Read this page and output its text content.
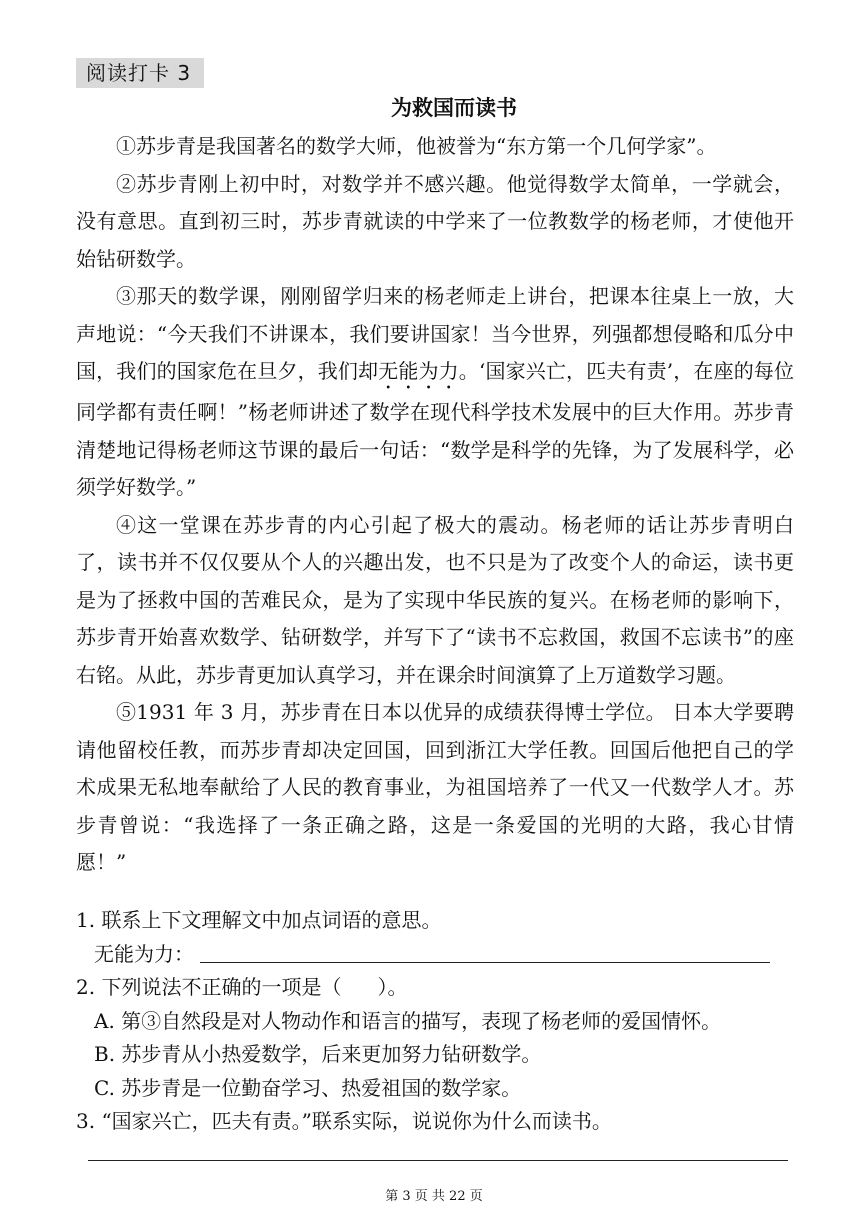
阅读打卡 3
为救国而读书

①苏步青是我国著名的数学大师，他被誉为“东方第一个几何学家”。

②苏步青刚上初中时，对数学并不感兴趣。他觉得数学太简单，一学就会，没有意思。直到初三时，苏步青就读的中学来了一位教数学的杨老师，才使他开始钻研数学。

③那天的数学课，刚刚留学归来的杨老师走上讲台，把课本往桌上一放，大声地说：“今天我们不讲课本，我们要讲国家！当今世界，列强都想侵略和瓜分中国，我们的国家危在旦夕，我们却无能为力。‘国家兴亡，匹夫有责’，在座的每位同学都有责任啊！”杨老师讲述了数学在现代科学技术发展中的巨大作用。苏步青清楚地记得杨老师这节课的最后一句话：“数学是科学的先锋，为了发展科学，必须学好数学。”

④这一堂课在苏步青的内心引起了极大的震动。杨老师的话让苏步青明白了，读书并不仅仅要从个人的兴趣出发，也不只是为了改变个人的命运，读书更是为了拯救中国的苦难民众，是为了实现中华民族的复兴。在杨老师的影响下，苏步青开始喜欢数学、钻研数学，并写下了“读书不忘救国，救国不忘读书”的座右铭。从此，苏步青更加认真学习，并在课余时间演算了上万道数学习题。

⑤1931 年 3 月，苏步青在日本以优异的成绩获得博士学位。 日本大学要聘请他留校任教，而苏步青却决定回国，回到浙江大学任教。回国后他把自己的学术成果无私地奉献给了人民的教育事业，为祖国培养了一代又一代数学人才。苏步青曾说：“我选择了一条正确之路，这是一条爱国的光明的大路，我心甘情愿！”

1. 联系上下文理解文中加点词语的意思。
无能为力：
2. 下列说法不正确的一项是（ ）。
A. 第③自然段是对人物动作和语言的描写，表现了杨老师的爱国情怀。
B. 苏步青从小热爱数学，后来更加努力钻研数学。
C. 苏步青是一位勤奋学习、热爱祖国的数学家。
3. “国家兴亡，匹夫有责。”联系实际，说说你为什么而读书。
第 3 页 共 22 页
